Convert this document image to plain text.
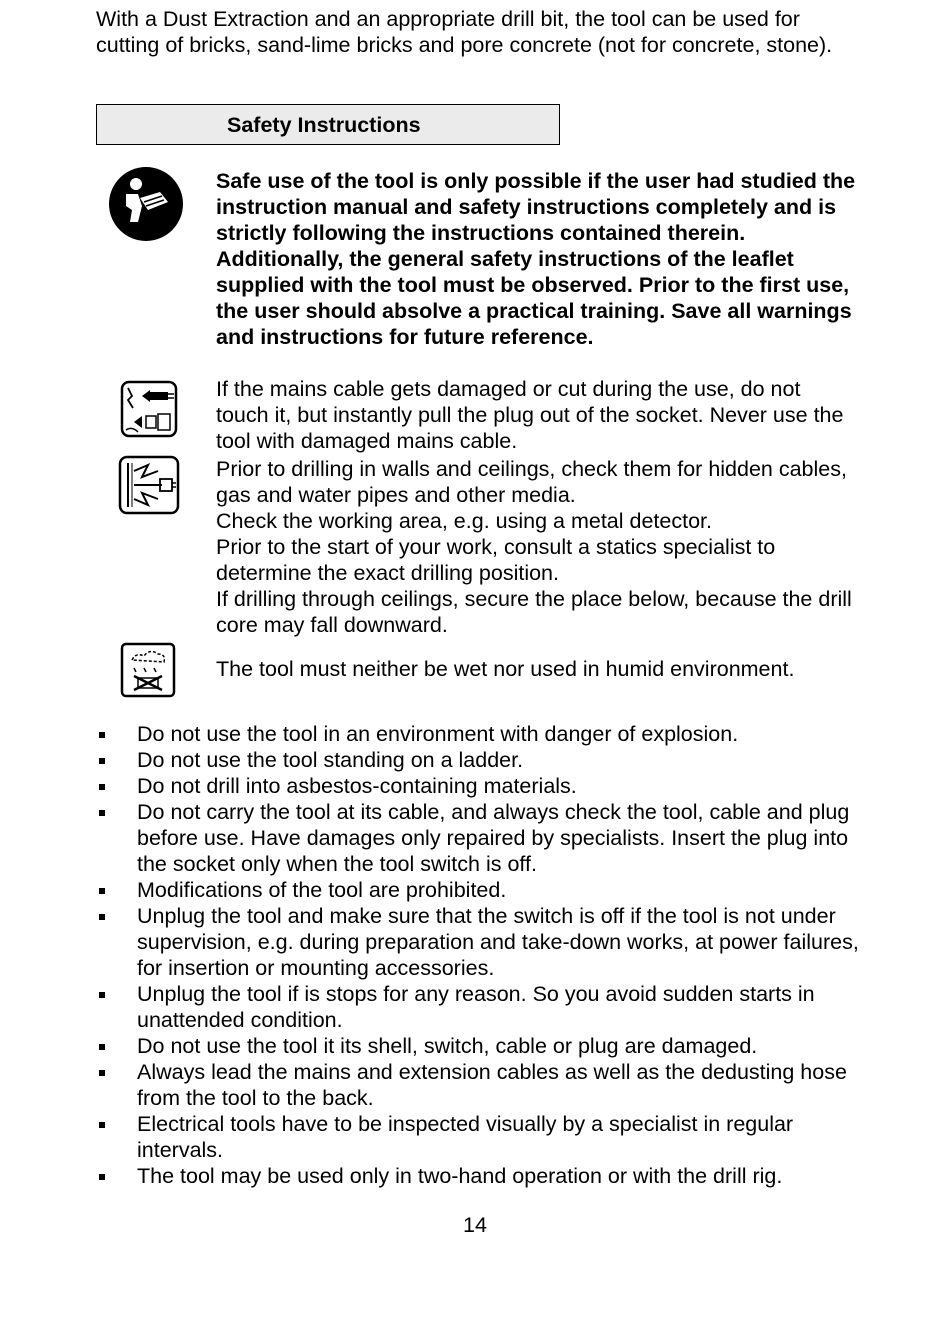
With a Dust Extraction and an appropriate drill bit, the tool can be used for cutting of bricks, sand-lime bricks and pore concrete (not for concrete, stone).

Safety Instructions

Safe use of the tool is only possible if the user had studied the instruction manual and safety instructions completely and is strictly following the instructions contained therein. Additionally, the general safety instructions of the leaflet supplied with the tool must be observed. Prior to the first use, the user should absolve a practical training. Save all warnings and instructions for future reference.

If the mains cable gets damaged or cut during the use, do not touch it, but instantly pull the plug out of the socket. Never use the tool with damaged mains cable.

Prior to drilling in walls and ceilings, check them for hidden cables, gas and water pipes and other media.

Check the working area, e.g. using a metal detector.

Prior to the start of your work, consult a statics specialist to determine the exact drilling position.

If drilling through ceilings, secure the place below, because the drill core may fall downward.

The tool must neither be wet nor used in humid environment.

Do not use the tool in an environment with danger of explosion.
Do not use the tool standing on a ladder.
Do not drill into asbestos-containing materials.
Do not carry the tool at its cable, and always check the tool, cable and plug before use. Have damages only repaired by specialists. Insert the plug into the socket only when the tool switch is off.
Modifications of the tool are prohibited.
Unplug the tool and make sure that the switch is off if the tool is not under supervision, e.g. during preparation and take-down works, at power failures, for insertion or mounting accessories.
Unplug the tool if is stops for any reason. So you avoid sudden starts in unattended condition.
Do not use the tool it its shell, switch, cable or plug are damaged.
Always lead the mains and extension cables as well as the dedusting hose from the tool to the back.
Electrical tools have to be inspected visually by a specialist in regular intervals.
The tool may be used only in two-hand operation or with the drill rig.
14
